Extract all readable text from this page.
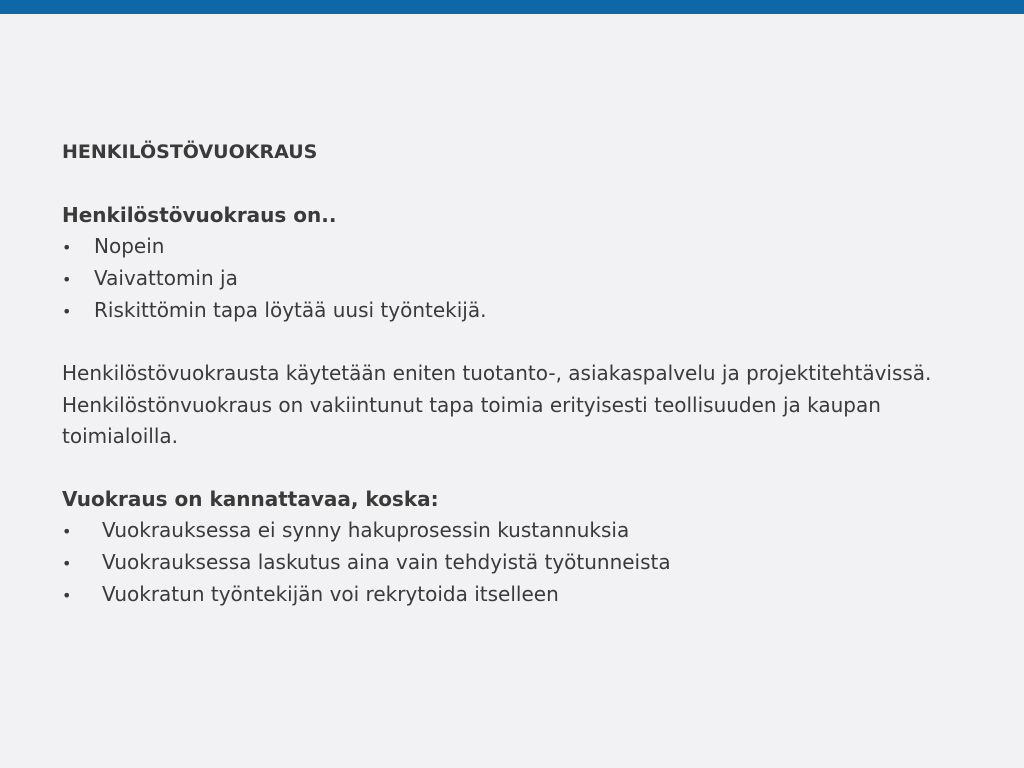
HENKILÖSTÖVUOKRAUS
Henkilöstövuokraus on..
•	Nopein
•	Vaivattomin ja
•	Riskittömin tapa löytää uusi työntekijä.

Henkilöstövuokrausta käytetään eniten tuotanto-, asiakaspalvelu ja projektitehtävissä. Henkilöstönvuokraus on vakiintunut tapa toimia erityisesti teollisuuden ja kaupan toimialoilla.

Vuokraus on kannattavaa, koska:
•	Vuokrauksessa ei synny hakuprosessin kustannuksia
•	Vuokrauksessa laskutus aina vain tehdyistä työtunneista
•	Vuokratun työntekijän voi rekrytoida itselleen
